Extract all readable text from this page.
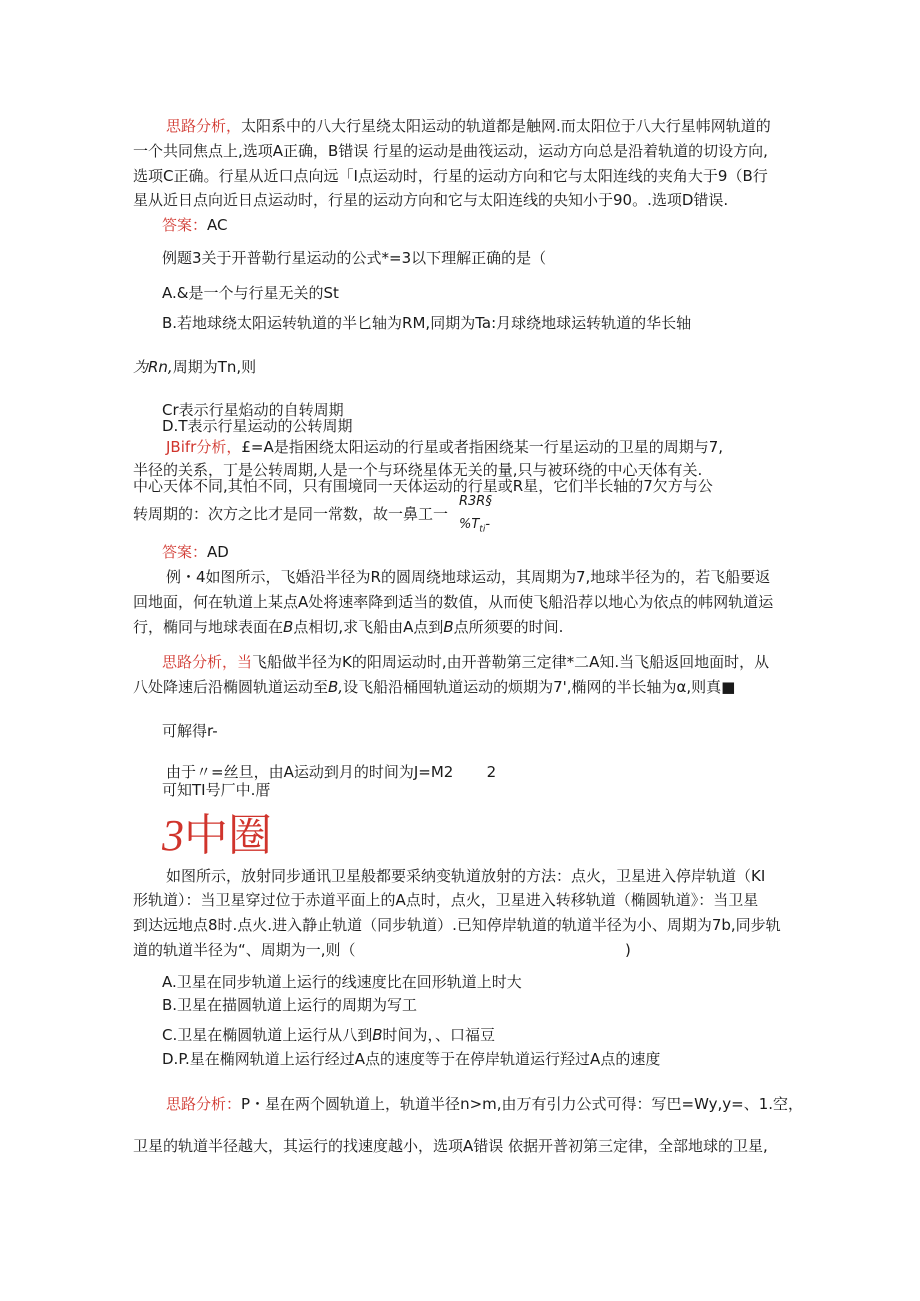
思路分析，太阳系中的八大行星绕太阳运动的轨道都是触网.而太阳位于八大行星帏网轨道的
一个共同焦点上,选项A正确，B错误 行星的运动是曲筏运动，运动方向总是沿着轨道的切设方向,
选项C正确。行星从近口点向远「I点运动时，行星的运动方向和它与太阳连线的夹角大于9（B行
星从近日点向近日点运动时，行星的运动方向和它与太阳连线的央知小于90。.选项D错误.
答案：AC
例题3关于开普勒行星运动的公式*=3以下理解正确的是（
A.&是一个与行星无关的St
B.若地球绕太阳运转轨道的半匕轴为RM,同期为Ta:月球绕地球运转轨道的华长轴
为Rn,周期为Tn,则
Cr表示行星焰动的自转周期
D.T表示行星运动的公转周期
JBifr分析，£=A是指困绕太阳运动的行星或者指困绕某一行星运动的卫星的周期与7,
半径的关系，丁是公转周期,人是一个与环绕星体无关的量,只与被环绕的中心天体有关.
中心天体不同,其怕不同，只有围境同一天体运动的行星或R星，它们半长轴的7欠方与公
转周期的：次方之比才是同一常数，故一鼻工一
R3R§
$\%T_{ti}-$
答案：AD
例・4如图所示，飞婚沿半径为R的圆周绕地球运动，其周期为7,地球半径为的，若飞船要返
回地面，何在轨道上某点A处将速率降到适当的数值，从而使飞船沿荐以地心为依点的帏网轨道运
行，椭同与地球表面在B点相切,求飞船由A点到B点所须要的时间.
思路分析，当飞船做半径为K的阳周运动时,由开普勒第三定律*二A知.当飞船返回地面时，从
八处降速后沿椭圆轨道运动至B,设飞船沿桶囤轨道运动的烦期为7',椭网的半长轴为α,则真■
可解得r-
由于〃=丝旦，由A运动到月的时间为J=M2       2
可知TI号厂中.厝
3中圈
如图所示，放射同步通讯卫星般都要采纳变轨道放射的方法：点火，卫星进入停岸轨道（KI
形轨道）：当卫星穿过位于赤道平面上的A点时，点火，卫星进入转移轨道（椭圆轨道》：当卫星
到达远地点8时.点火.进入静止轨道（同步轨道）.已知停岸轨道的轨道半径为小、周期为7b,同步轨
道的轨道半径为“、周期为一,则（	)
A.卫星在同步轨道上运行的线速度比在回形轨道上时大
B.卫星在描圆轨道上运行的周期为写工
C.卫星在椭圆轨道上运行从八到B时间为，、口福豆
D.P.星在椭网轨道上运行经过A点的速度等于在停岸轨道运行羟过A点的速度
思路分析：P・星在两个圆轨道上，轨道半径n>m,由万有引力公式可得：写巴=Wy,y=、1.空，
卫星的轨道半径越大，其运行的找速度越小，选项A错误 依据开普初第三定律，全部地球的卫星,
